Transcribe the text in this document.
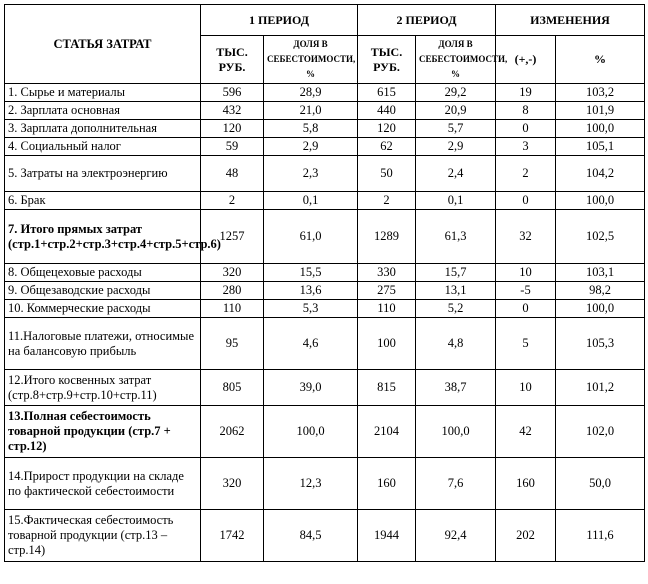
СТАТЬЯ ЗАТРАТ	1 ПЕРИОД		2 ПЕРИОД		ИЗМЕНЕНИЯ	
	ТЫС. РУБ.	ДОЛЯ В СЕБЕСТОИМОСТИ, %	ТЫС. РУБ.	ДОЛЯ В СЕБЕСТОИМОСТИ, %	(+,-)	%
1. Сырье и материалы	596	28,9	615	29,2	19	103,2
2. Зарплата основная	432	21,0	440	20,9	8	101,9
3. Зарплата дополнительная	120	5,8	120	5,7	0	100,0
4. Социальный налог	59	2,9	62	2,9	3	105,1
5. Затраты на электроэнергию	48	2,3	50	2,4	2	104,2
6. Брак	2	0,1	2	0,1	0	100,0
7. Итого прямых затрат (стр.1+стр.2+стр.3+стр.4+стр.5+стр.6)	1257	61,0	1289	61,3	32	102,5
8. Общецеховые расходы	320	15,5	330	15,7	10	103,1
9. Общезаводские расходы	280	13,6	275	13,1	-5	98,2
10. Коммерческие расходы	110	5,3	110	5,2	0	100,0
11.Налоговые платежи, относимые на балансовую прибыль	95	4,6	100	4,8	5	105,3
12.Итого косвенных затрат (стр.8+стр.9+стр.10+стр.11)	805	39,0	815	38,7	10	101,2
13.Полная себестоимость товарной продукции (стр.7 + стр.12)	2062	100,0	2104	100,0	42	102,0
14.Прирост продукции на складе по фактической себестоимости	320	12,3	160	7,6	160	50,0
15.Фактическая себестоимость товарной продукции (стр.13 – стр.14)	1742	84,5	1944	92,4	202	111,6
